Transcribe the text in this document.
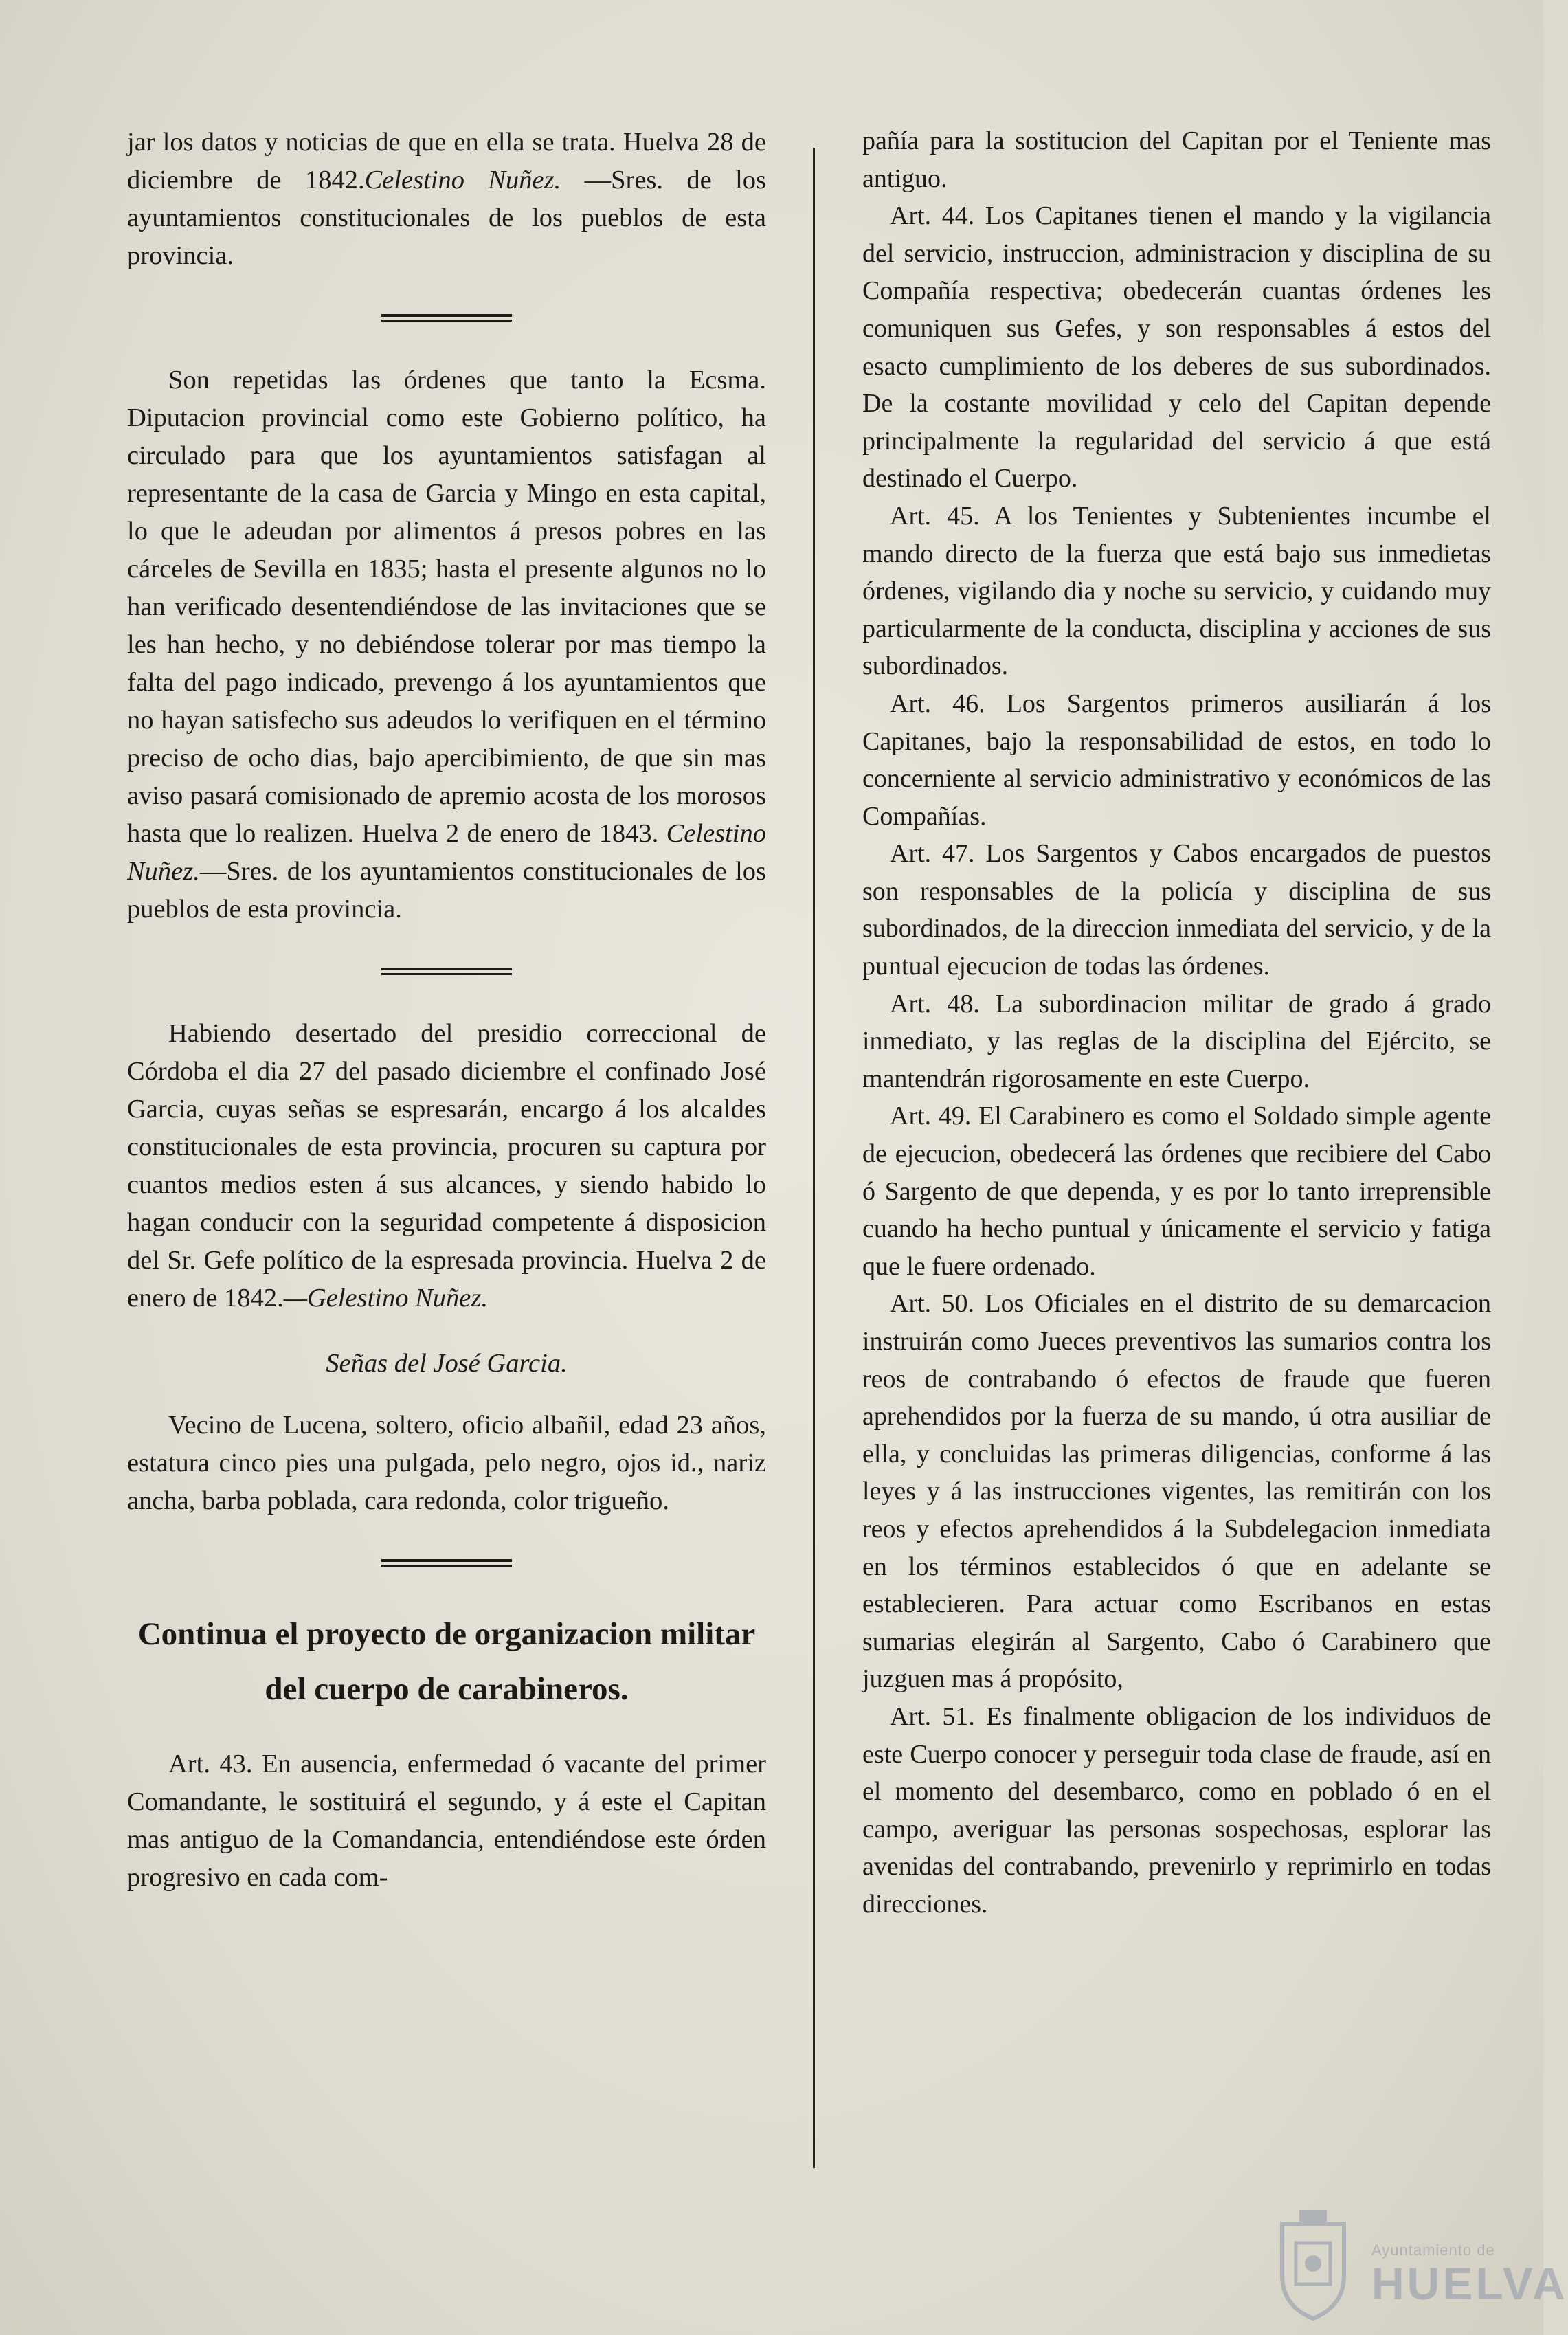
jar los datos y noticias de que en ella se trata. Huelva 28 de diciembre de 1842.Celestino Nuñez. —Sres. de los ayuntamientos constitucionales de los pueblos de esta provincia.

Son repetidas las órdenes que tanto la Ecsma. Diputacion provincial como este Gobierno político, ha circulado para que los ayuntamientos satisfagan al representante de la casa de Garcia y Mingo en esta capital, lo que le adeudan por alimentos á presos pobres en las cárceles de Sevilla en 1835; hasta el presente algunos no lo han verificado desentendiéndose de las invitaciones que se les han hecho, y no debiéndose tolerar por mas tiempo la falta del pago indicado, prevengo á los ayuntamientos que no hayan satisfecho sus adeudos lo verifiquen en el término preciso de ocho dias, bajo apercibimiento, de que sin mas aviso pasará comisionado de apremio acosta de los morosos hasta que lo realizen. Huelva 2 de enero de 1843. Celestino Nuñez.—Sres. de los ayuntamientos constitucionales de los pueblos de esta provincia.

Habiendo desertado del presidio correccional de Córdoba el dia 27 del pasado diciembre el confinado José Garcia, cuyas señas se espresarán, encargo á los alcaldes constitucionales de esta provincia, procuren su captura por cuantos medios esten á sus alcances, y siendo habido lo hagan conducir con la seguridad competente á disposicion del Sr. Gefe político de la espresada provincia. Huelva 2 de enero de 1842.—Gelestino Nuñez.

Señas del José Garcia.

Vecino de Lucena, soltero, oficio albañil, edad 23 años, estatura cinco pies una pulgada, pelo negro, ojos id., nariz ancha, barba poblada, cara redonda, color trigueño.

Continua el proyecto de organizacion militar del cuerpo de carabineros.

Art. 43. En ausencia, enfermedad ó vacante del primer Comandante, le sostituirá el segundo, y á este el Capitan mas antiguo de la Comandancia, entendiéndose este órden progresivo en cada com-

pañía para la sostitucion del Capitan por el Teniente mas antiguo.

Art. 44. Los Capitanes tienen el mando y la vigilancia del servicio, instruccion, administracion y disciplina de su Compañía respectiva; obedecerán cuantas órdenes les comuniquen sus Gefes, y son responsables á estos del esacto cumplimiento de los deberes de sus subordinados. De la costante movilidad y celo del Capitan depende principalmente la regularidad del servicio á que está destinado el Cuerpo.

Art. 45. A los Tenientes y Subtenientes incumbe el mando directo de la fuerza que está bajo sus inmedietas órdenes, vigilando dia y noche su servicio, y cuidando muy particularmente de la conducta, disciplina y acciones de sus subordinados.

Art. 46. Los Sargentos primeros ausiliarán á los Capitanes, bajo la responsabilidad de estos, en todo lo concerniente al servicio administrativo y económicos de las Compañías.

Art. 47. Los Sargentos y Cabos encargados de puestos son responsables de la policía y disciplina de sus subordinados, de la direccion inmediata del servicio, y de la puntual ejecucion de todas las órdenes.

Art. 48. La subordinacion militar de grado á grado inmediato, y las reglas de la disciplina del Ejército, se mantendrán rigorosamente en este Cuerpo.

Art. 49. El Carabinero es como el Soldado simple agente de ejecucion, obedecerá las órdenes que recibiere del Cabo ó Sargento de que dependa, y es por lo tanto irreprensible cuando ha hecho puntual y únicamente el servicio y fatiga que le fuere ordenado.

Art. 50. Los Oficiales en el distrito de su demarcacion instruirán como Jueces preventivos las sumarios contra los reos de contrabando ó efectos de fraude que fueren aprehendidos por la fuerza de su mando, ú otra ausiliar de ella, y concluidas las primeras diligencias, conforme á las leyes y á las instrucciones vigentes, las remitirán con los reos y efectos aprehendidos á la Subdelegacion inmediata en los términos establecidos ó que en adelante se establecieren. Para actuar como Escribanos en estas sumarias elegirán al Sargento, Cabo ó Carabinero que juzguen mas á propósito,

Art. 51. Es finalmente obligacion de los individuos de este Cuerpo conocer y perseguir toda clase de fraude, así en el momento del desembarco, como en poblado ó en el campo, averiguar las personas sospechosas, esplorar las avenidas del contrabando, prevenirlo y reprimirlo en todas direcciones.

Ayuntamiento de
HUELVA
